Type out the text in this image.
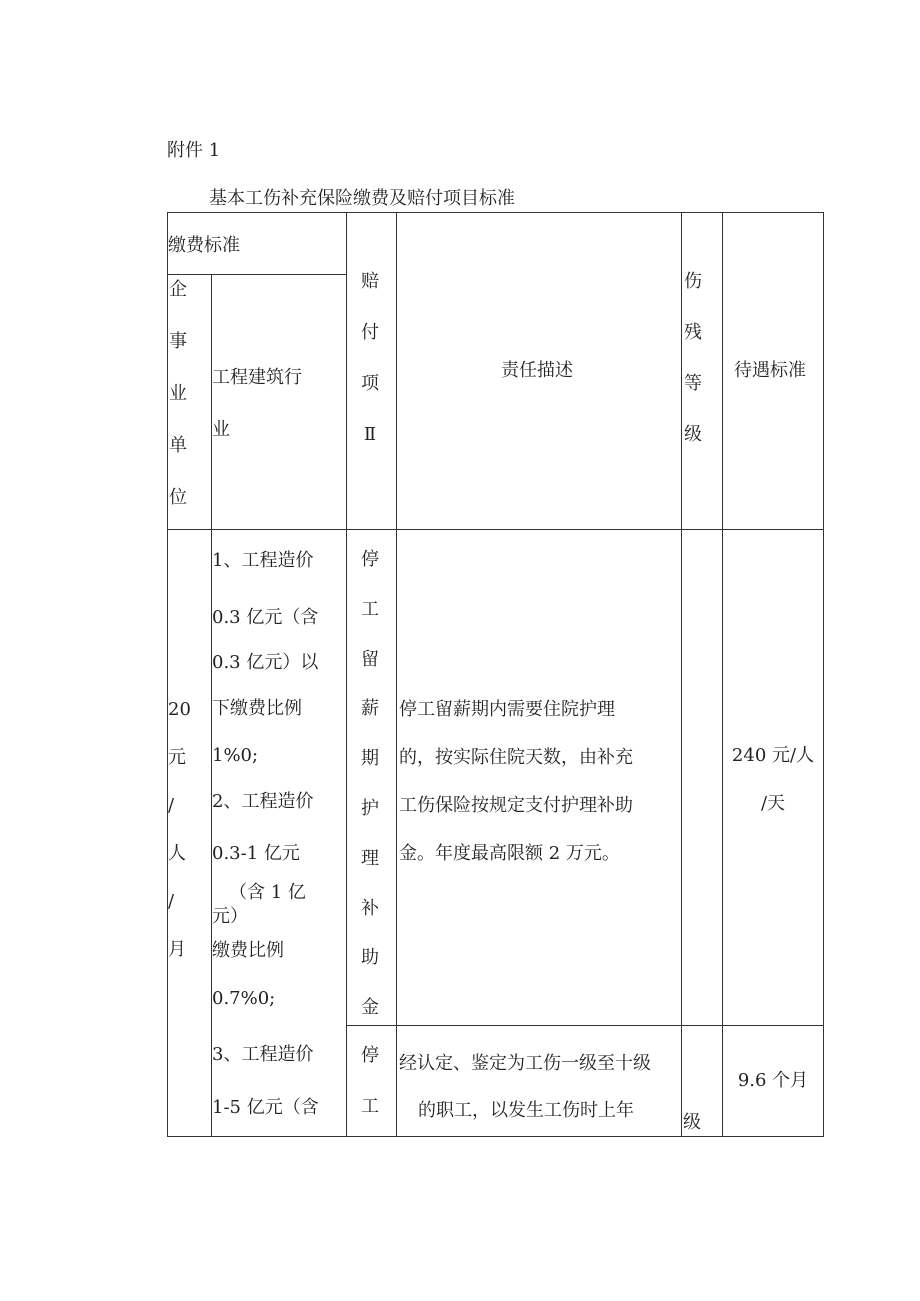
附件 1
基本工伤补充保险缴费及赔付项目标准
缴费标准
企
事
业
单
位
工程建筑行
业
赔
付
项
Ⅱ
责任描述
伤
残
等
级
待遇标准
20
元
/
人
/
月
1、工程造价
0.3 亿元（含
0.3 亿元）以
下缴费比例
1%0;
2、工程造价
0.3-1 亿元
（含 1 亿
元）
缴费比例
0.7%0;
3、工程造价
1-5 亿元（含
停
工
留
薪
期
护
理
补
助
金
停工留薪期内需要住院护理
的，按实际住院天数，由补充
工伤保险按规定支付护理补助
金。年度最高限额 2 万元。
240 元/人
/天
停
工
经认定、鉴定为工伤一级至十级
的职工，以发生工伤时上年
级
9.6 个月
